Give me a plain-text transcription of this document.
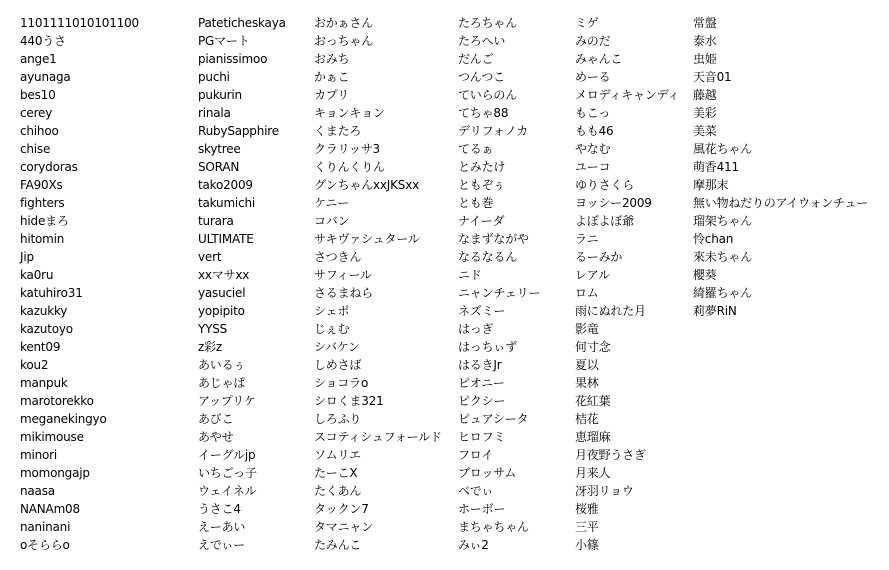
1101111010101100
440うさ
ange1
ayunaga
bes10
cerey
chihoo
chise
corydoras
FA90Xs
fighters
hideまろ
hitomin
Jip
ka0ru
katuhiro31
kazukky
kazutoyo
kent09
kou2
manpuk
marotorekko
meganekingyo
mikimouse
minori
momongajp
naasa
NANAm08
naninani
oそららo
Pateticheskaya
PGマート
pianissimoo
puchi
pukurin
rinala
RubySapphire
skytree
SORAN
tako2009
takumichi
turara
ULTIMATE
vert
xxマサxx
yasuciel
yopipito
YYSS
z彩z
あいるぅ
あじゃぱ
アップリケ
あびこ
あやせ
イーグルjp
いちごっ子
ウェイネル
うさこ4
えーあい
えでぃー
おかぁさん
おっちゃん
おみち
かぁこ
カプリ
キョンキョン
くまたろ
クラリッサ3
くりんくりん
グンちゃんxxJKSxx
ケニー
コバン
サキヴァシュタール
さつきん
サフィール
さるまねら
シェポ
じぇむ
シバケン
しめさば
ショコラo
シロくま321
しろふり
スコティシュフォールド
ソムリエ
たーこX
たくあん
タックン7
タマニャン
たみんこ
たろちゃん
たろへい
だんご
つんつこ
ていらのん
てちゃ88
デリフォノカ
てるぁ
とみたけ
ともぞぅ
とも巻
ナイーダ
なまずながや
なるなるん
ニド
ニャンチェリー
ネズミー
はっぎ
はっちぃず
はるきJr
ピオニー
ピクシー
ピュアシータ
ヒロフミ
フロイ
ブロッサム
べでぃ
ホーボー
まちゃちゃん
みぃ2
ミゲ
みのだ
みゃんこ
めーる
メロディキャンディ
もこっ
もも46
やなむ
ユーコ
ゆりさくら
ヨッシー2009
よぼよぼ爺
ラニ
るーみか
レアル
ロム
雨にぬれた月
影竜
何寸念
夏以
果林
花紅葉
桔花
恵瑠麻
月夜野うさぎ
月来人
冴羽リョウ
桜雅
三平
小篠
常盤
泰水
虫姫
天音01
藤越
美彩
美菜
風花ちゃん
萌香411
摩那末
無い物ねだりのアイウォンチュー
瑠架ちゃん
怜chan
來未ちゃん
櫻葵
綺羅ちゃん
莉夢RiN
